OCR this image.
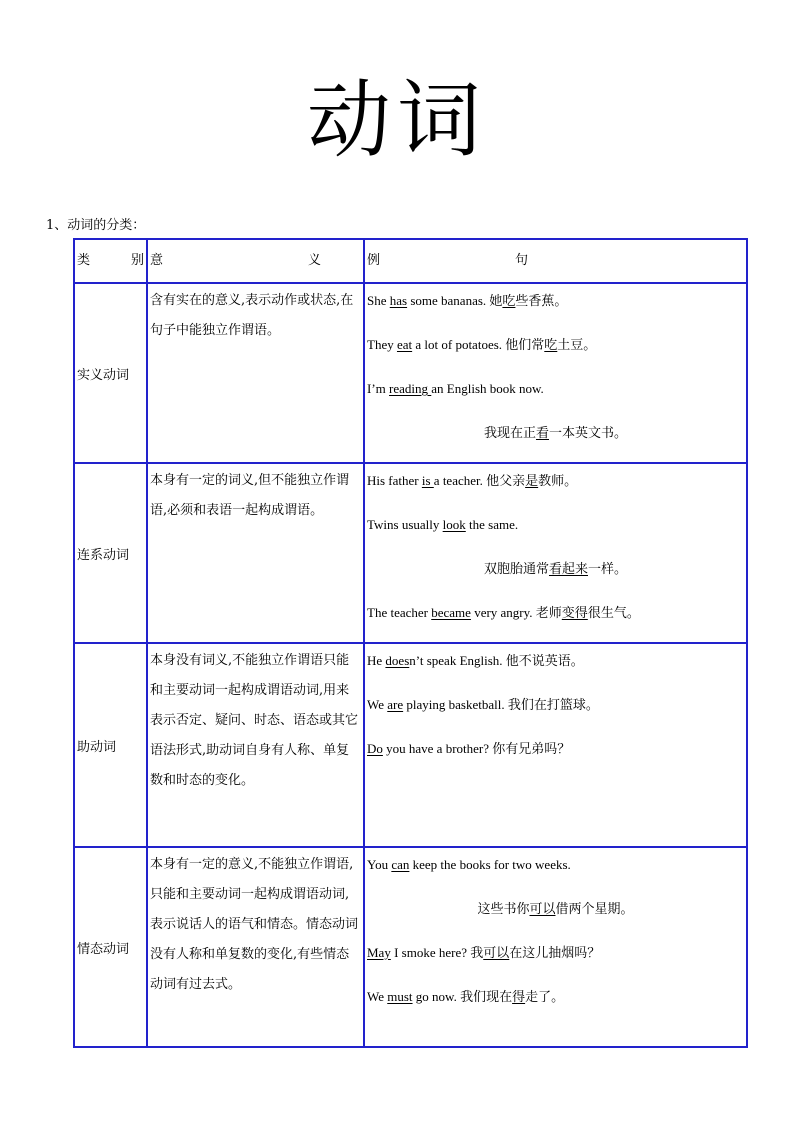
动词
1、动词的分类：
类 别	意 义	例 句

实义动词	含有实在的意义,表示动作或状态,在句子中能独立作谓语。	She has some bananas. 她吃些香蕉。
They eat a lot of potatoes. 他们常吃土豆。
I’m reading an English book now.
我现在正看一本英文书。

连系动词	本身有一定的词义,但不能独立作谓语,必须和表语一起构成谓语。	His father is a teacher. 他父亲是教师。
Twins usually look the same.
双胞胎通常看起来一样。
The teacher became very angry. 老师变得很生气。

助动词	本身没有词义,不能独立作谓语只能和主要动词一起构成谓语动词,用来表示否定、疑问、时态、语态或其它语法形式,助动词自身有人称、单复数和时态的变化。	He doesn’t speak English. 他不说英语。
We are playing basketball. 我们在打篮球。
Do you have a brother? 你有兄弟吗？

情态动词	本身有一定的意义,不能独立作谓语,只能和主要动词一起构成谓语动词,表示说话人的语气和情态。情态动词没有人称和单复数的变化,有些情态动词有过去式。	You can keep the books for two weeks.
这些书你可以借两个星期。
May I smoke here? 我可以在这儿抽烟吗？
We must go now. 我们现在得走了。
